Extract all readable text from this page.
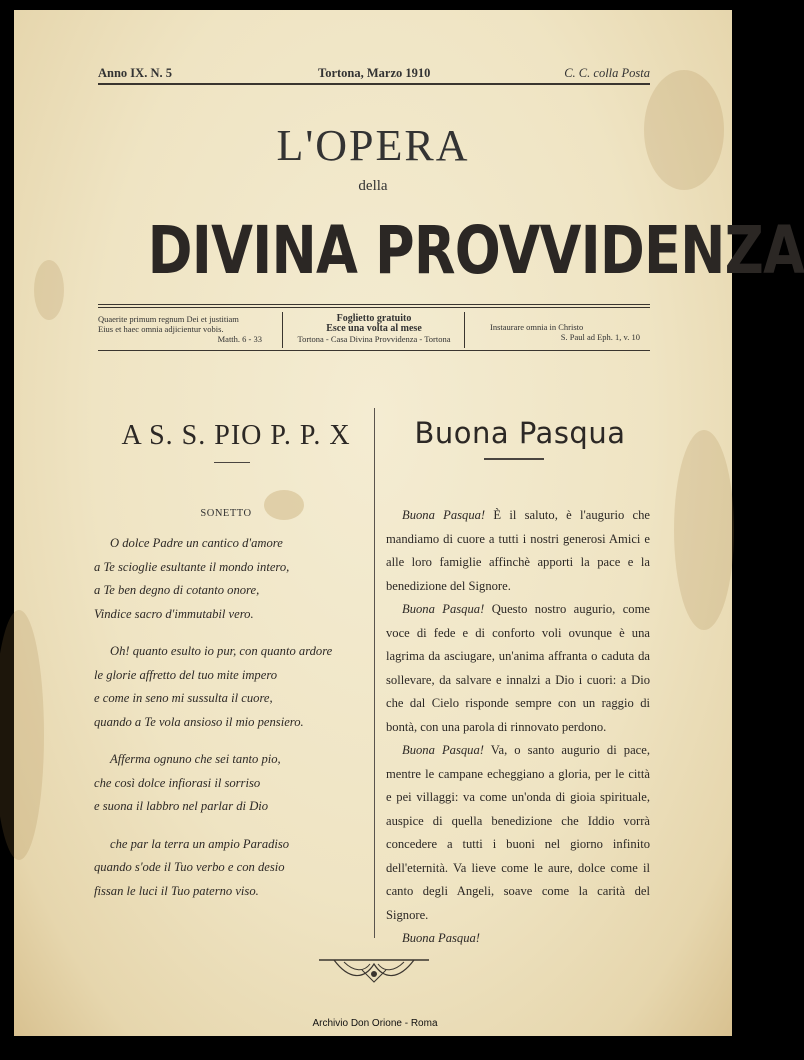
Anno IX. N. 5	Tortona, Marzo 1910	C. C. colla Posta
L'OPERA
della
DIVINA PROVVIDENZA
Quaerite primum regnum Dei et justitiam
Eius et haec omnia adjicientur vobis.
Matth. 6 - 33
Foglietto gratuito
Esce una volta al mese
Tortona - Casa Divina Provvidenza - Tortona
Instaurare omnia in Christo
S. Paul ad Eph. 1, v. 10
A S. S. PIO P. P. X
SONETTO
O dolce Padre un cantico d'amore
a Te scioglie esultante il mondo intero,
a Te ben degno di cotanto onore,
Vindice sacro d'immutabil vero.
Oh! quanto esulto io pur, con quanto ardore
le glorie affretto del tuo mite impero
e come in seno mi sussulta il cuore,
quando a Te vola ansioso il mio pensiero.
Afferma ognuno che sei tanto pio,
che così dolce infiorasi il sorriso
e suona il labbro nel parlar di Dio
che par la terra un ampio Paradiso
quando s'ode il Tuo verbo e con desio
fissan le luci il Tuo paterno viso.
Buona Pasqua

Buona Pasqua! È il saluto, è l'augurio che mandiamo di cuore a tutti i nostri generosi Amici e alle loro famiglie affinchè apporti la pace e la benedizione del Signore.

Buona Pasqua! Questo nostro augurio, come voce di fede e di conforto voli ovunque è una lagrima da asciugare, un'anima affranta o caduta da sollevare, da salvare e innalzi a Dio i cuori: a Dio che dal Cielo risponde sempre con un raggio di bontà, con una parola di rinnovato perdono.

Buona Pasqua! Va, o santo augurio di pace, mentre le campane echeggiano a gloria, per le città e pei villaggi: va come un'onda di gioia spirituale, auspice di quella benedizione che Iddio vorrà concedere a tutti i buoni nel giorno infinito dell'eternità. Va lieve come le aure, dolce come il canto degli Angeli, soave come la carità del Signore.

Buona Pasqua!

Archivio Don Orione - Roma
